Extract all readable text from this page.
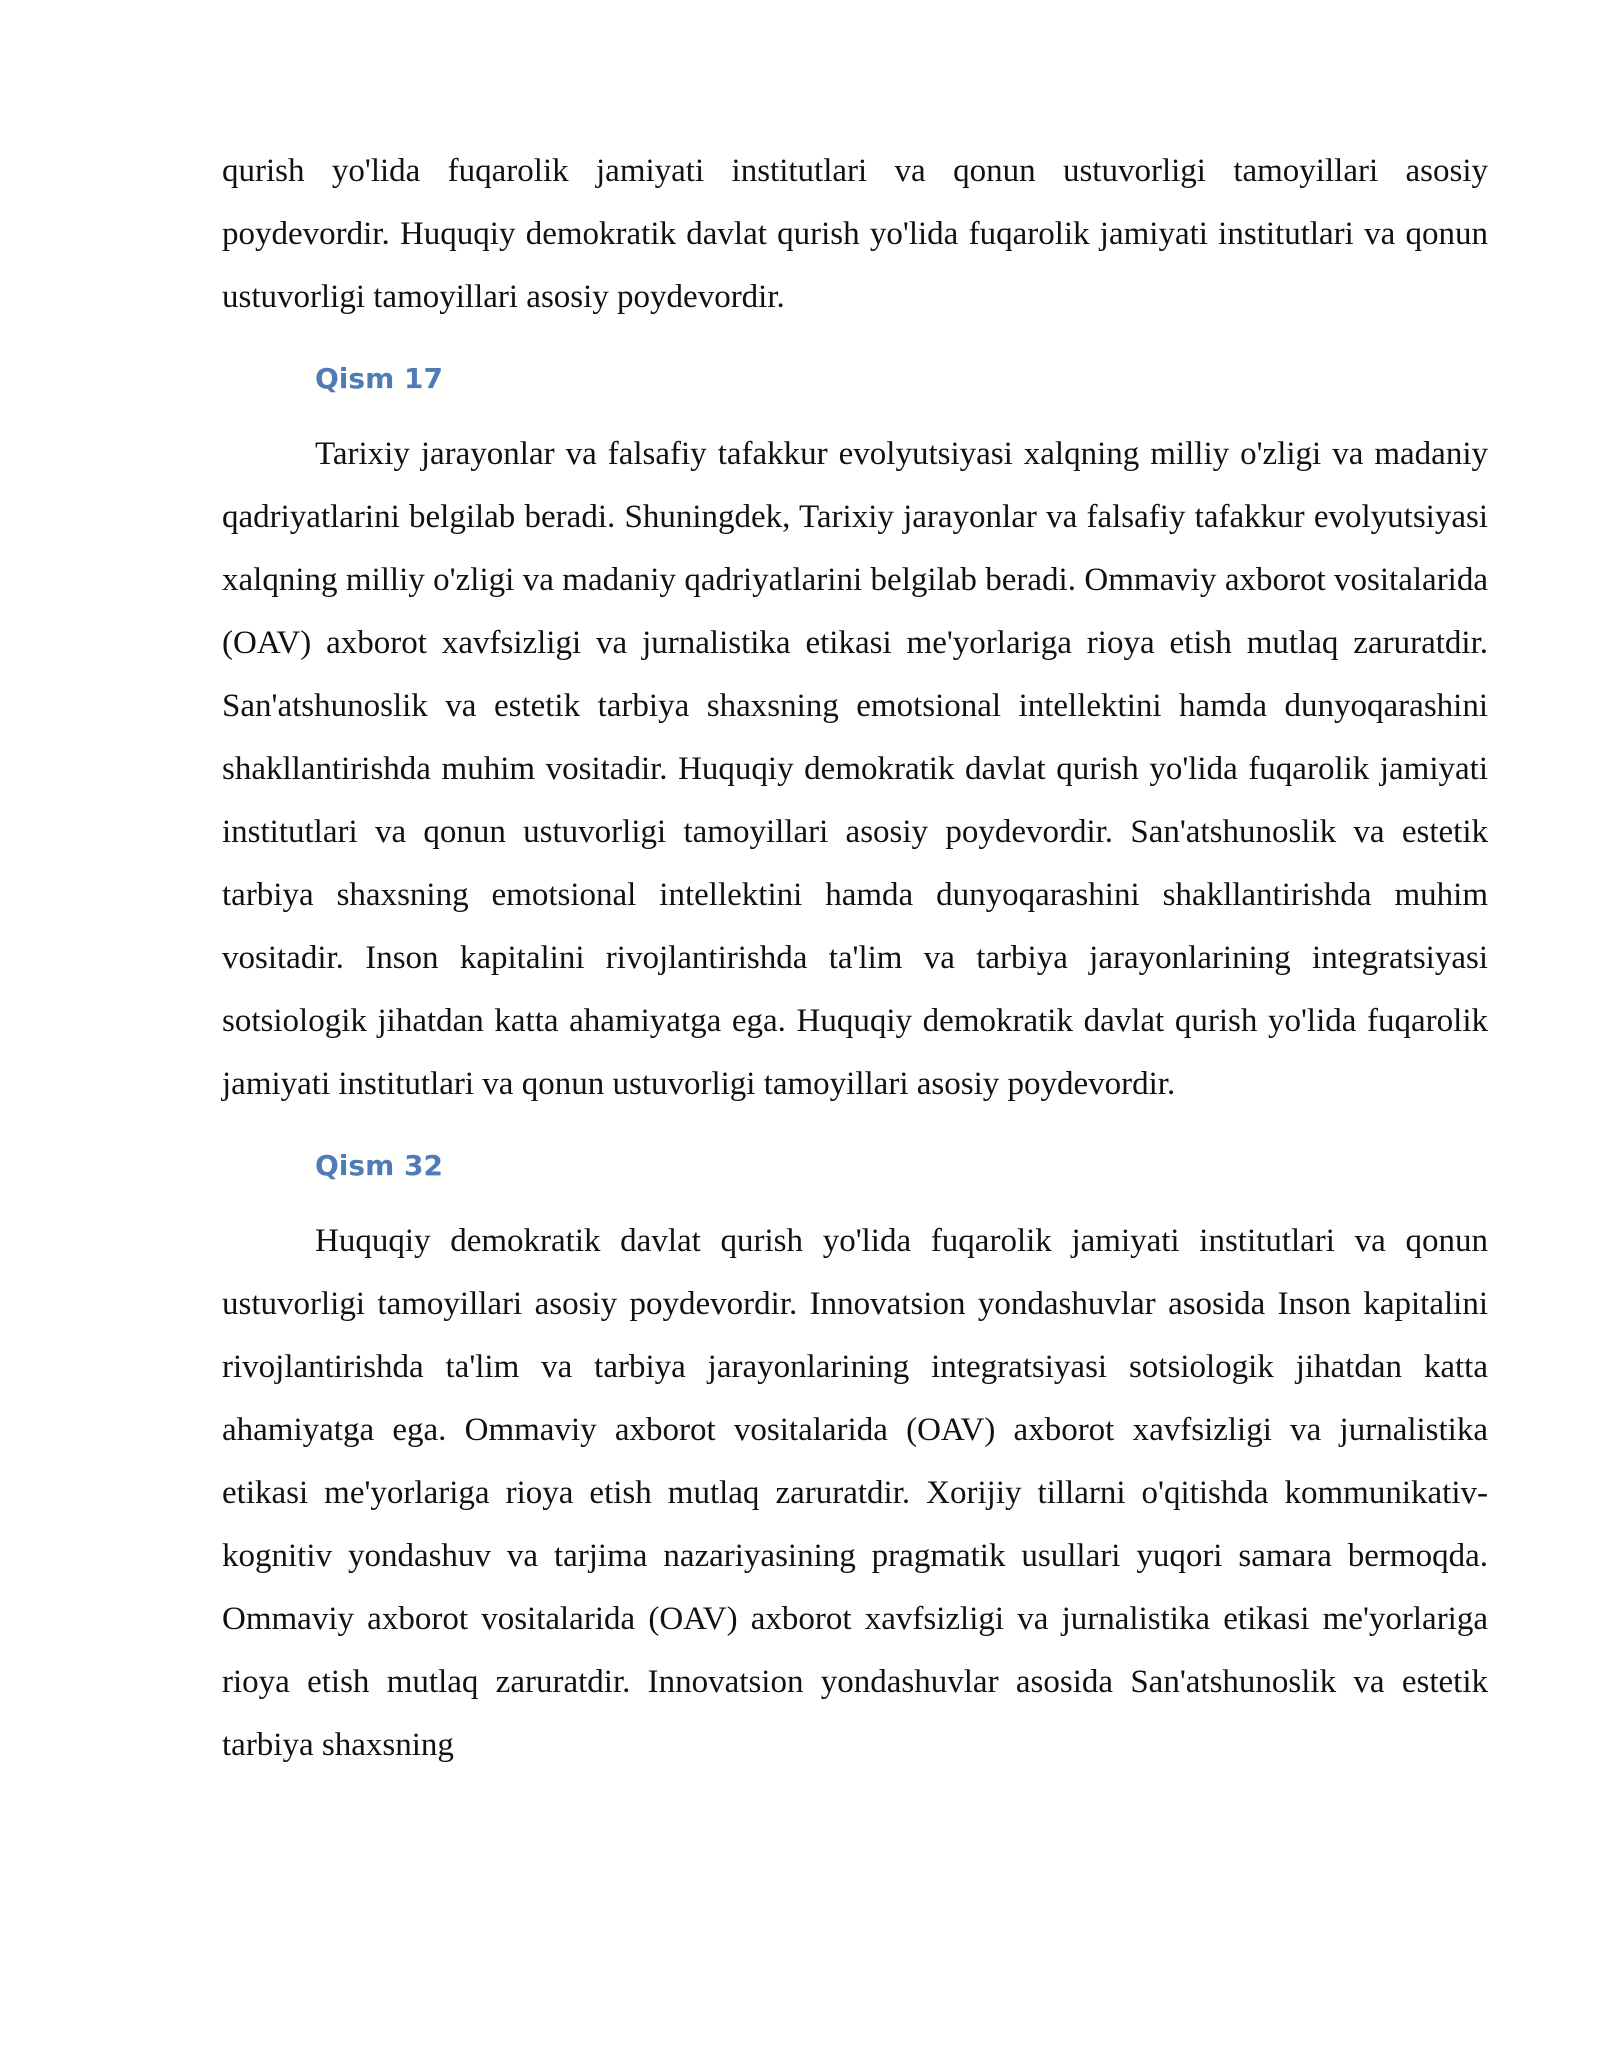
qurish yo'lida fuqarolik jamiyati institutlari va qonun ustuvorligi tamoyillari asosiy poydevordir. Huquqiy demokratik davlat qurish yo'lida fuqarolik jamiyati institutlari va qonun ustuvorligi tamoyillari asosiy poydevordir.

Qism 17

Tarixiy jarayonlar va falsafiy tafakkur evolyutsiyasi xalqning milliy o'zligi va madaniy qadriyatlarini belgilab beradi. Shuningdek, Tarixiy jarayonlar va falsafiy tafakkur evolyutsiyasi xalqning milliy o'zligi va madaniy qadriyatlarini belgilab beradi. Ommaviy axborot vositalarida (OAV) axborot xavfsizligi va jurnalistika etikasi me'yorlariga rioya etish mutlaq zaruratdir. San'atshunoslik va estetik tarbiya shaxsning emotsional intellektini hamda dunyoqarashini shakllantirishda muhim vositadir. Huquqiy demokratik davlat qurish yo'lida fuqarolik jamiyati institutlari va qonun ustuvorligi tamoyillari asosiy poydevordir. San'atshunoslik va estetik tarbiya shaxsning emotsional intellektini hamda dunyoqarashini shakllantirishda muhim vositadir. Inson kapitalini rivojlantirishda ta'lim va tarbiya jarayonlarining integratsiyasi sotsiologik jihatdan katta ahamiyatga ega. Huquqiy demokratik davlat qurish yo'lida fuqarolik jamiyati institutlari va qonun ustuvorligi tamoyillari asosiy poydevordir.

Qism 32

Huquqiy demokratik davlat qurish yo'lida fuqarolik jamiyati institutlari va qonun ustuvorligi tamoyillari asosiy poydevordir. Innovatsion yondashuvlar asosida Inson kapitalini rivojlantirishda ta'lim va tarbiya jarayonlarining integratsiyasi sotsiologik jihatdan katta ahamiyatga ega. Ommaviy axborot vositalarida (OAV) axborot xavfsizligi va jurnalistika etikasi me'yorlariga rioya etish mutlaq zaruratdir. Xorijiy tillarni o'qitishda kommunikativ-kognitiv yondashuv va tarjima nazariyasining pragmatik usullari yuqori samara bermoqda. Ommaviy axborot vositalarida (OAV) axborot xavfsizligi va jurnalistika etikasi me'yorlariga rioya etish mutlaq zaruratdir. Innovatsion yondashuvlar asosida San'atshunoslik va estetik tarbiya shaxsning
